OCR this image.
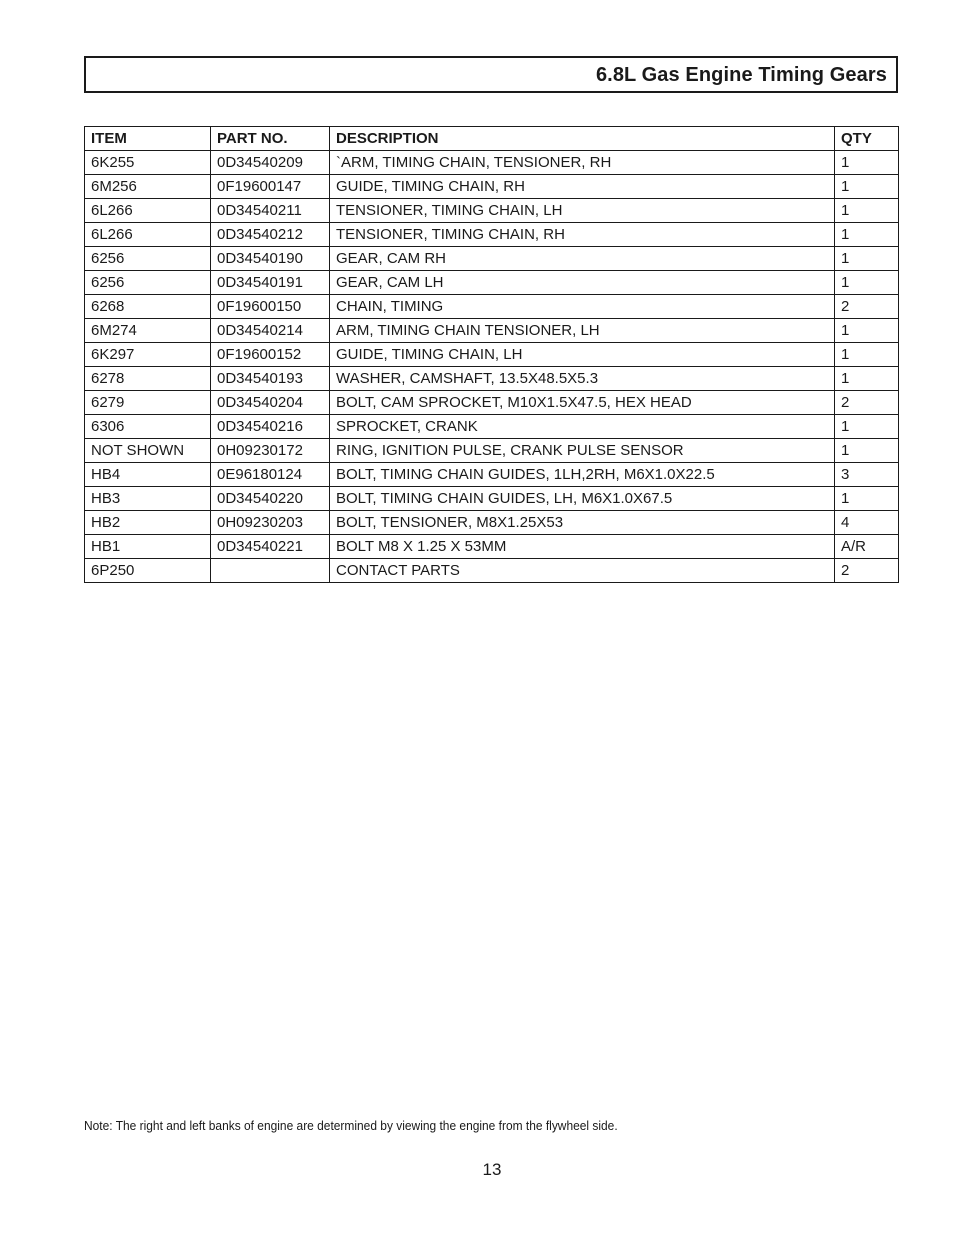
6.8L Gas Engine Timing Gears
ITEM	PART NO.	DESCRIPTION	QTY
6K255	0D34540209	`ARM, TIMING CHAIN, TENSIONER, RH	1
6M256	0F19600147	GUIDE, TIMING CHAIN, RH	1
6L266	0D34540211	TENSIONER, TIMING CHAIN, LH	1
6L266	0D34540212	TENSIONER, TIMING CHAIN, RH	1
6256	0D34540190	GEAR, CAM RH	1
6256	0D34540191	GEAR, CAM LH	1
6268	0F19600150	CHAIN, TIMING	2
6M274	0D34540214	ARM, TIMING CHAIN TENSIONER, LH	1
6K297	0F19600152	GUIDE, TIMING CHAIN, LH	1
6278	0D34540193	WASHER, CAMSHAFT, 13.5X48.5X5.3	1
6279	0D34540204	BOLT, CAM SPROCKET, M10X1.5X47.5, HEX HEAD	2
6306	0D34540216	SPROCKET, CRANK	1
NOT SHOWN	0H09230172	RING, IGNITION PULSE, CRANK PULSE SENSOR	1
HB4	0E96180124	BOLT, TIMING CHAIN GUIDES, 1LH,2RH, M6X1.0X22.5	3
HB3	0D34540220	BOLT, TIMING CHAIN GUIDES, LH, M6X1.0X67.5	1
HB2	0H09230203	BOLT, TENSIONER, M8X1.25X53	4
HB1	0D34540221	BOLT M8 X 1.25 X 53MM	A/R
6P250		CONTACT PARTS	2
Note: The right and left banks of engine are determined by viewing the engine from the flywheel side.
13
